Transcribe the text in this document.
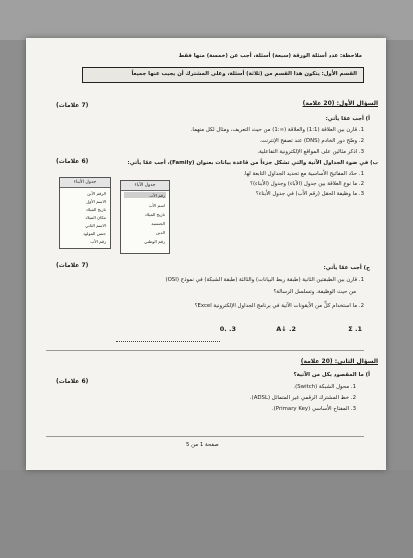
ملاحظة: عدد أسئلة الورقة (سبعة) أسئلة، أجب عن (خمسة) منها فقط
القسم الأول: يتكون هذا القسم من (ثلاثة) أسئلة، وعلى المشترك أن يجيب عنها جميعاً
السؤال الأول: (20 علامة)
(7 علامات)
أ) أجب عمّا يأتي:
1. قارن بين العلاقة (1:1) والعلاقة (∞:1) من حيث التعريف، ومثال لكل منهما.
2. وضّح دور الخادم (DNS) عند تصفح الإنترنت.
3. اذكر مثالين على المواقع الإلكترونية التفاعلية.
ب) في ضوء الجداول الآتية والتي تشكل جزءاً من قاعدة بيانات بعنوان (Family)، أجب عمّا يأتي:
(6 علامات)
1. حدّد المفاتيح الأساسية مع تحديد الجداول التابعة لها.
2. ما نوع العلاقة بين جدول (الآباء) وجدول (الأبناء)؟
3. ما وظيفة الحقل (رقم الأب) في جدول الأبناء؟
جدول الأبناء
الرقم الأبن
الاسم الأول
تاريخ الميلاد
مكان الميلاد
الاسم الثاني
جنس المولود
رقم الأب
جدول الآباء
رقم الأب
اسم الأب
تاريخ الميلاد
الجنسية
الدين
رقم الوطني
ج) أجب عمّا يأتي:
(7 علامات)
1. قارن بين الطبقتين الثانية (طبقة ربط البيانات) والثالثة (طبقة الشبكة) في نموذج (OSI)
من حيث الوظيفة، وتسلسل الرسالة؟
2. ما استخدام كلٍّ من الأيقونات الآتية في برنامج الجداول الإلكترونية Excel؟
1. Σ
2. ↓A
3. .0
السؤال الثاني: (20 علامة)
أ) ما المقصود بكل من الآتية؟
(6 علامات)
1. محول الشبكة (Switch).
2. خط المشترك الرقمي غير المتماثل (ADSL).
3. المفتاح الأساسي (Primary Key).
صفحة 1 من 5
